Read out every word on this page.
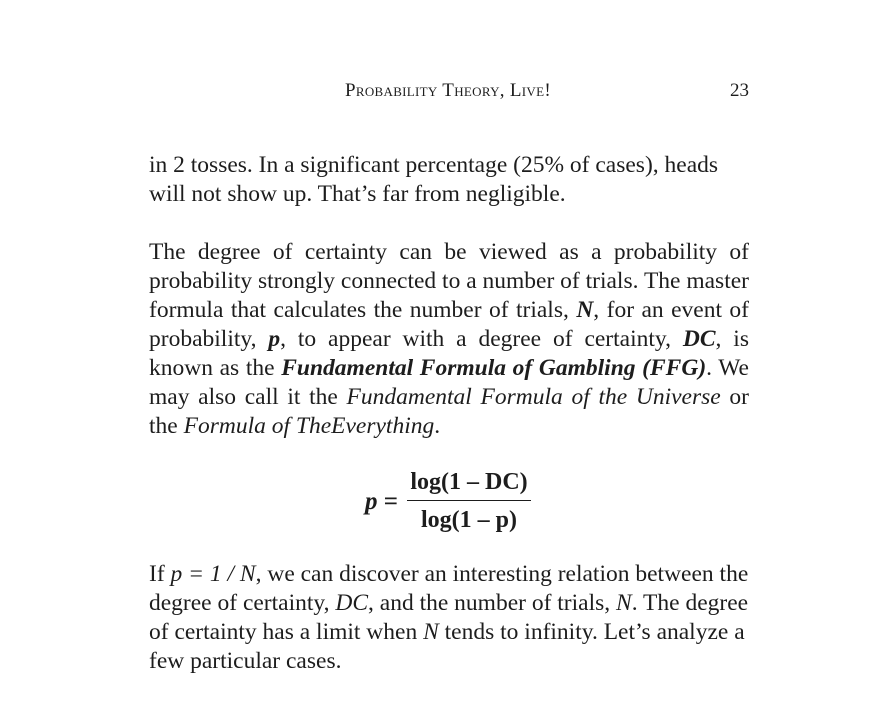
Probability Theory, Live!	23

in 2 tosses. In a significant percentage (25% of cases), heads will not show up. That’s far from negligible.

The degree of certainty can be viewed as a probability of probability strongly connected to a number of trials. The master formula that calculates the number of trials, N, for an event of probability, p, to appear with a degree of certainty, DC, is known as the Fundamental Formula of Gambling (FFG). We may also call it the Fundamental Formula of the Universe or the Formula of TheEverything.

p =
log(1 – DC)
log(1 – p)

If p = 1 / N, we can discover an interesting relation between the degree of certainty, DC, and the number of trials, N. The degree of certainty has a limit when N tends to infinity. Let’s analyze a few particular cases.
